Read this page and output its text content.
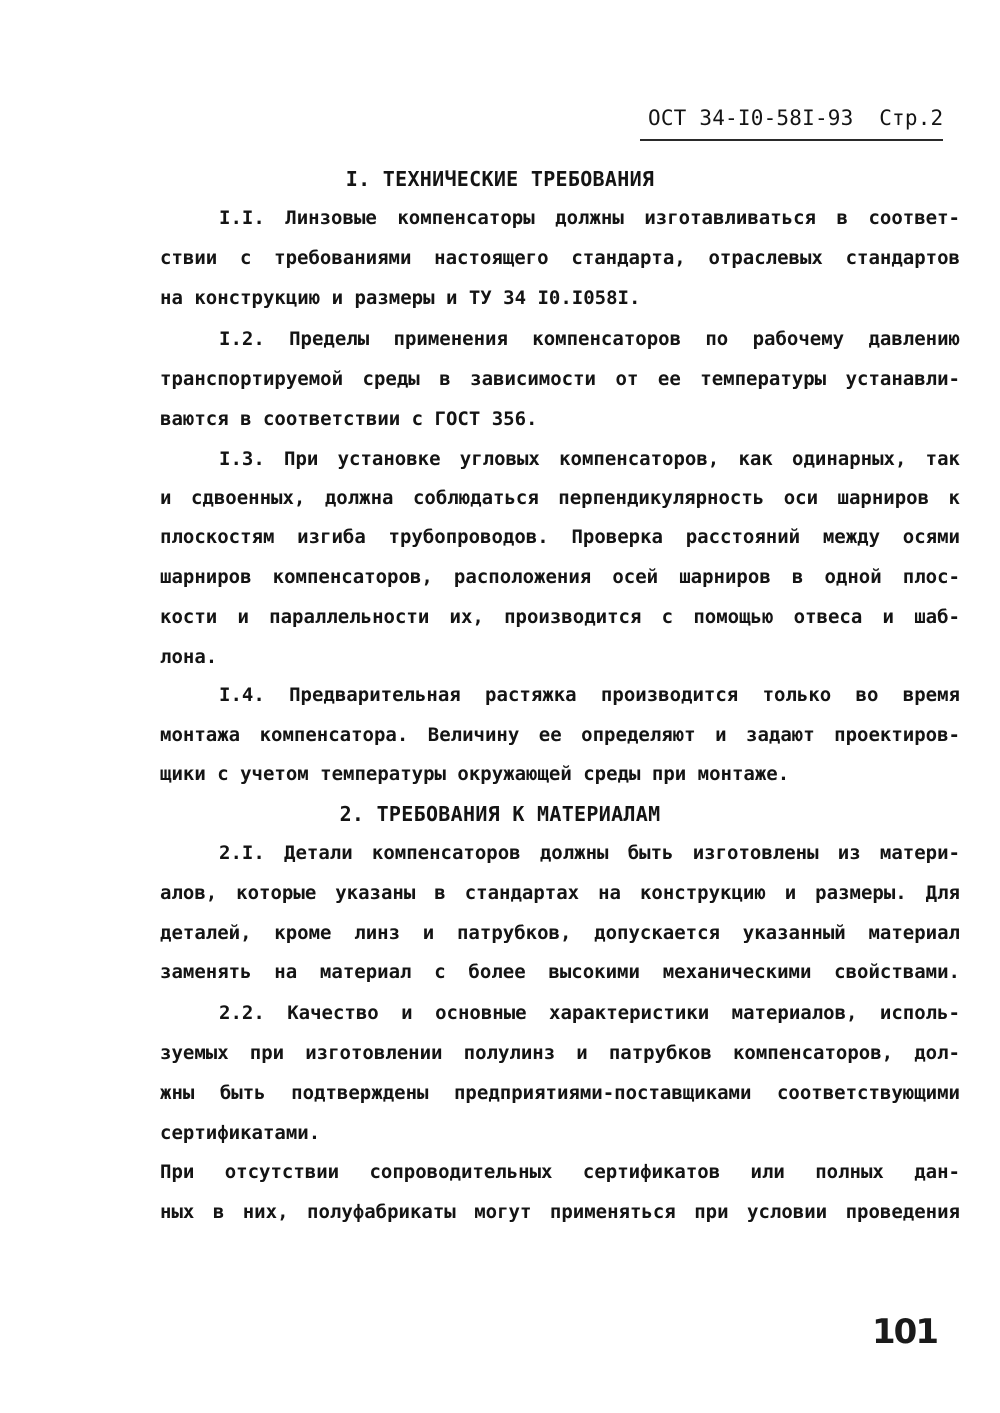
ОСТ 34-I0-58I-93 Стр.2
I. ТЕХНИЧЕСКИЕ ТРЕБОВАНИЯ
I.I. Линзовые компенсаторы должны изготавливаться в соответ-
ствии с требованиями настоящего стандарта, отраслевых стандартов
на конструкцию и размеры и ТУ 34 I0.I058I.
I.2. Пределы применения компенсаторов по рабочему давлению
транспортируемой среды в зависимости от ее температуры устанавли-
ваются в соответствии с ГОСТ 356.
I.3. При установке угловых компенсаторов, как одинарных, так
и сдвоенных, должна соблюдаться перпендикулярность оси шарниров к
плоскостям изгиба трубопроводов. Проверка расстояний между осями
шарниров компенсаторов, расположения осей шарниров в одной плос-
кости и параллельности их, производится с помощью отвеса и шаб-
лона.
I.4. Предварительная растяжка производится только во время
монтажа компенсатора. Величину ее определяют и задают проектиров-
щики с учетом температуры окружающей среды при монтаже.
2. ТРЕБОВАНИЯ К МАТЕРИАЛАМ
2.I. Детали компенсаторов должны быть изготовлены из матери-
алов, которые указаны в стандартах на конструкцию и размеры. Для
деталей, кроме линз и патрубков, допускается указанный материал
заменять на материал с более высокими механическими свойствами.
2.2. Качество и основные характеристики материалов, исполь-
зуемых при изготовлении полулинз и патрубков компенсаторов, дол-
жны быть подтверждены предприятиями-поставщиками соответствующими
сертификатами.
При отсутствии сопроводительных сертификатов или полных дан-
ных в них, полуфабрикаты могут применяться при условии проведения
101
